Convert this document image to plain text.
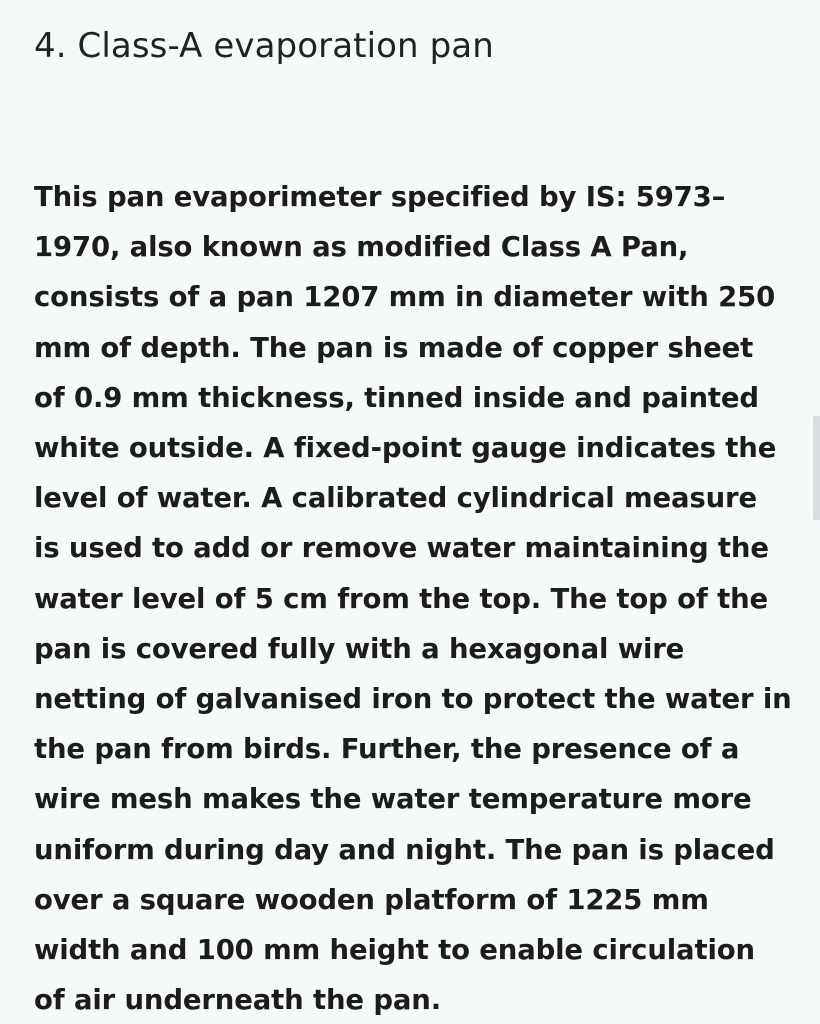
4. Class-A evaporation pan

This pan evaporimeter specified by IS: 5973–
1970, also known as modified Class A Pan,
consists of a pan 1207 mm in diameter with 250
mm of depth. The pan is made of copper sheet
of 0.9 mm thickness, tinned inside and painted
white outside. A fixed-point gauge indicates the
level of water. A calibrated cylindrical measure
is used to add or remove water maintaining the
water level of 5 cm from the top. The top of the
pan is covered fully with a hexagonal wire
netting of galvanised iron to protect the water in
the pan from birds. Further, the presence of a
wire mesh makes the water temperature more
uniform during day and night. The pan is placed
over a square wooden platform of 1225 mm
width and 100 mm height to enable circulation
of air underneath the pan.
